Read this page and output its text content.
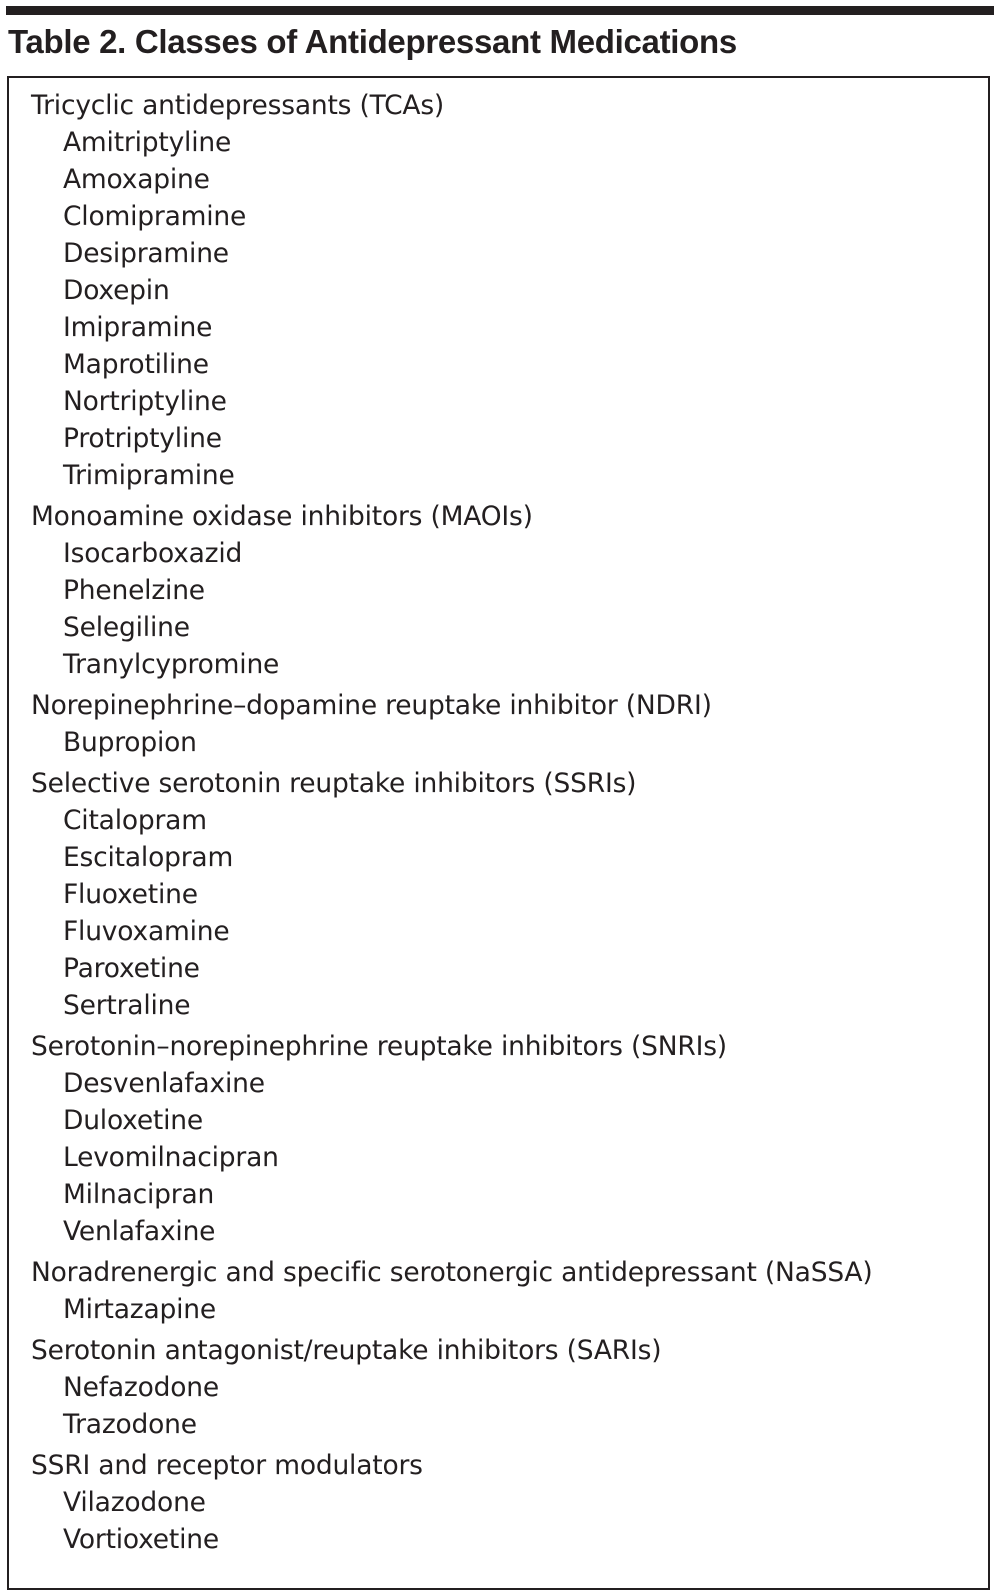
Table 2. Classes of Antidepressant Medications
Tricyclic antidepressants (TCAs)
Amitriptyline
Amoxapine
Clomipramine
Desipramine
Doxepin
Imipramine
Maprotiline
Nortriptyline
Protriptyline
Trimipramine
Monoamine oxidase inhibitors (MAOIs)
Isocarboxazid
Phenelzine
Selegiline
Tranylcypromine
Norepinephrine–dopamine reuptake inhibitor (NDRI)
Bupropion
Selective serotonin reuptake inhibitors (SSRIs)
Citalopram
Escitalopram
Fluoxetine
Fluvoxamine
Paroxetine
Sertraline
Serotonin–norepinephrine reuptake inhibitors (SNRIs)
Desvenlafaxine
Duloxetine
Levomilnacipran
Milnacipran
Venlafaxine
Noradrenergic and specific serotonergic antidepressant (NaSSA)
Mirtazapine
Serotonin antagonist/reuptake inhibitors (SARIs)
Nefazodone
Trazodone
SSRI and receptor modulators
Vilazodone
Vortioxetine
